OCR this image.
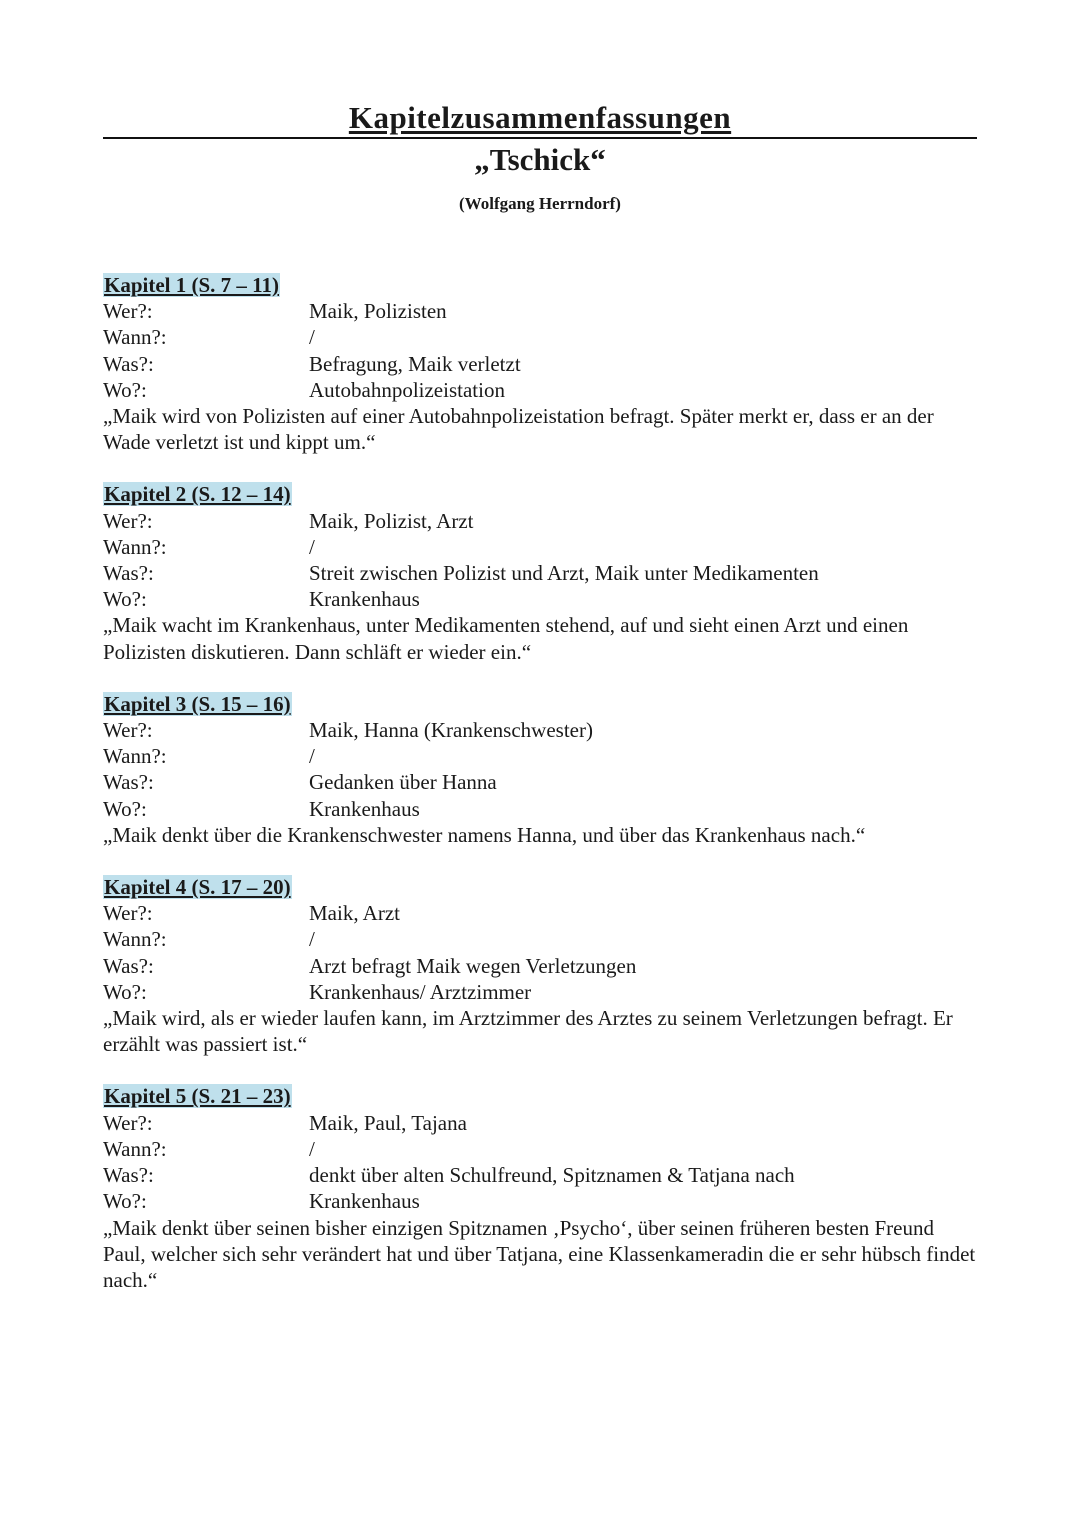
Kapitelzusammenfassungen
„Tschick“
(Wolfgang Herrndorf)
Kapitel 1 (S. 7 – 11)
Wer?:	Maik, Polizisten
Wann?:	/
Was?:	Befragung, Maik verletzt
Wo?:	Autobahnpolizeistation

„Maik wird von Polizisten auf einer Autobahnpolizeistation befragt. Später merkt er, dass er an der Wade verletzt ist und kippt um.“

Kapitel 2 (S. 12 – 14)
Wer?:	Maik, Polizist, Arzt
Wann?:	/
Was?:	Streit zwischen Polizist und Arzt, Maik unter Medikamenten
Wo?:	Krankenhaus

„Maik wacht im Krankenhaus, unter Medikamenten stehend, auf und sieht einen Arzt und einen Polizisten diskutieren. Dann schläft er wieder ein.“

Kapitel 3 (S. 15 – 16)
Wer?:	Maik, Hanna (Krankenschwester)
Wann?:	/
Was?:	Gedanken über Hanna
Wo?:	Krankenhaus

„Maik denkt über die Krankenschwester namens Hanna, und über das Krankenhaus nach.“

Kapitel 4 (S. 17 – 20)
Wer?:	Maik, Arzt
Wann?:	/
Was?:	Arzt befragt Maik wegen Verletzungen
Wo?:	Krankenhaus/ Arztzimmer

„Maik wird, als er wieder laufen kann, im Arztzimmer des Arztes zu seinem Verletzungen befragt. Er erzählt was passiert ist.“

Kapitel 5 (S. 21 – 23)
Wer?:	Maik, Paul, Tajana
Wann?:	/
Was?:	denkt über alten Schulfreund, Spitznamen & Tatjana nach
Wo?:	Krankenhaus

„Maik denkt über seinen bisher einzigen Spitznamen ‚Psycho‘, über seinen früheren besten Freund Paul, welcher sich sehr verändert hat und über Tatjana, eine Klassenkameradin die er sehr hübsch findet nach.“
